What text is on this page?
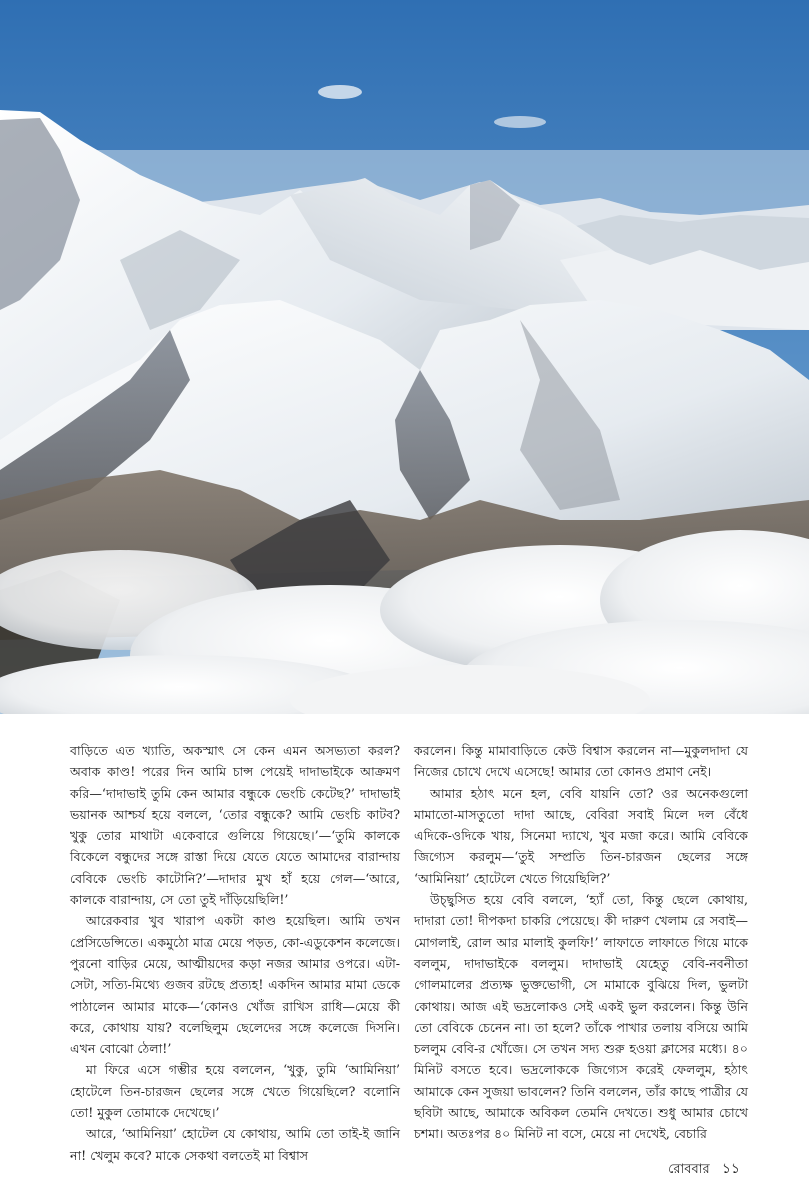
বাড়িতে এত খ্যাতি, অকস্মাৎ সে কেন এমন অসভ্যতা করল? অবাক কাণ্ড! পরের দিন আমি চান্স পেয়েই দাদাভাইকে আক্রমণ করি—‘দাদাভাই তুমি কেন আমার বন্ধুকে ভেংচি কেটেছ?’ দাদাভাই ভয়ানক আশ্চর্য হয়ে বললে, ‘তোর বন্ধুকে? আমি ভেংচি কাটব? খুকু তোর মাথাটা একেবারে গুলিয়ে গিয়েছে।’—‘তুমি কালকে বিকেলে বন্ধুদের সঙ্গে রাস্তা দিয়ে যেতে যেতে আমাদের বারান্দায় বেবিকে ভেংচি কাটোনি?’—দাদার মুখ হাঁ হয়ে গেল—‘আরে, কালকে বারান্দায়, সে তো তুই দাঁড়িয়েছিলি!’

আরেকবার খুব খারাপ একটা কাণ্ড হয়েছিল। আমি তখন প্রেসিডেন্সিতে। একমুঠো মাত্র মেয়ে পড়ত, কো-এডুকেশন কলেজে। পুরনো বাড়ির মেয়ে, আত্মীয়দের কড়া নজর আমার ওপরে। এটা-সেটা, সত্যি-মিথ্যে গুজব রটছে প্রত্যহ! একদিন আমার মামা ডেকে পাঠালেন আমার মাকে—‘কোনও খোঁজ রাখিস রাধি—মেয়ে কী করে, কোথায় যায়? বলেছিলুম ছেলেদের সঙ্গে কলেজে দিসনি। এখন বোঝো ঠেলা!’

মা ফিরে এসে গম্ভীর হয়ে বললেন, ‘খুকু, তুমি ‘আমিনিয়া’ হোটেলে তিন-চারজন ছেলের সঙ্গে খেতে গিয়েছিলে? বলোনি তো! মুকুল তোমাকে দেখেছে।’

আরে, ‘আমিনিয়া’ হোটেল যে কোথায়, আমি তো তাই-ই জানি না! খেলুম কবে? মাকে সেকথা বলতেই মা বিশ্বাস

করলেন। কিন্তু মামাবাড়িতে কেউ বিশ্বাস করলেন না—মুকুলদাদা যে নিজের চোখে দেখে এসেছে! আমার তো কোনও প্রমাণ নেই।

আমার হঠাৎ মনে হল, বেবি যায়নি তো? ওর অনেকগুলো মামাতো-মাসতুতো দাদা আছে, বেবিরা সবাই মিলে দল বেঁধে এদিকে-ওদিকে খায়, সিনেমা দ্যাখে, খুব মজা করে। আমি বেবিকে জিগ্যেস করলুম—‘তুই সম্প্রতি তিন-চারজন ছেলের সঙ্গে ‘আমিনিয়া’ হোটেলে খেতে গিয়েছিলি?’

উচ্ছ্বসিত হয়ে বেবি বললে, ‘হ্যাঁ তো, কিন্তু ছেলে কোথায়, দাদারা তো! দীপকদা চাকরি পেয়েছে। কী দারুণ খেলাম রে সবাই—মোগলাই, রোল আর মালাই কুলফি!’ লাফাতে লাফাতে গিয়ে মাকে বললুম, দাদাভাইকে বললুম। দাদাভাই যেহেতু বেবি-নবনীতা গোলমালের প্রত্যক্ষ ভুক্তভোগী, সে মামাকে বুঝিয়ে দিল, ভুলটা কোথায়। আজ এই ভদ্রলোকও সেই একই ভুল করলেন। কিন্তু উনি তো বেবিকে চেনেন না। তা হলে? তাঁকে পাখার তলায় বসিয়ে আমি চললুম বেবি-র খোঁজে। সে তখন সদ্য শুরু হওয়া ক্লাসের মধ্যে। ৪০ মিনিট বসতে হবে। ভদ্রলোককে জিগ্যেস করেই ফেললুম, হঠাৎ আমাকে কেন সুজয়া ভাবলেন? তিনি বললেন, তাঁর কাছে পাত্রীর যে ছবিটা আছে, আমাকে অবিকল তেমনি দেখতে। শুধু আমার চোখে চশমা। অতঃপর ৪০ মিনিট না বসে, মেয়ে না দেখেই, বেচারি

রোববার ১১
